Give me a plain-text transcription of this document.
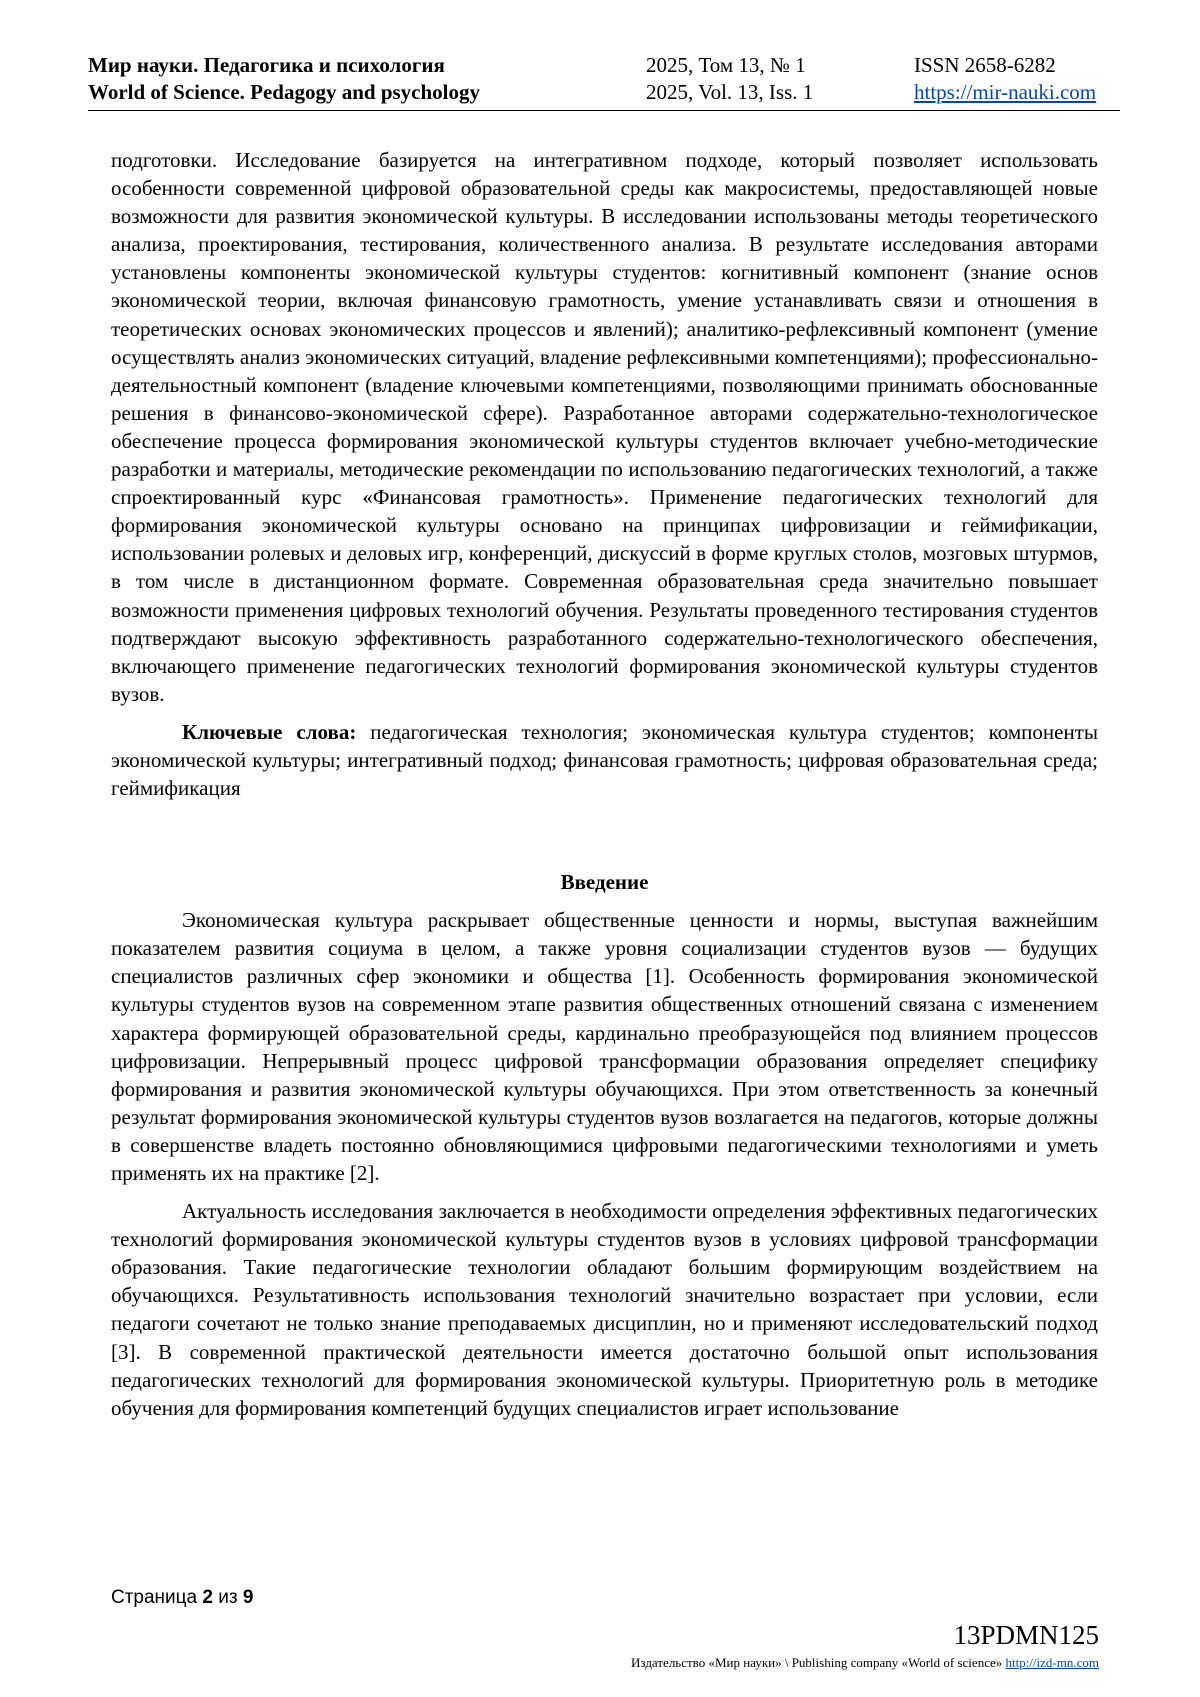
Мир науки. Педагогика и психология
World of Science. Pedagogy and psychology
2025, Том 13, № 1
2025, Vol. 13, Iss. 1
ISSN 2658-6282
https://mir-nauki.com

подготовки. Исследование базируется на интегративном подходе, который позволяет использовать особенности современной цифровой образовательной среды как макросистемы, предоставляющей новые возможности для развития экономической культуры. В исследовании использованы методы теоретического анализа, проектирования, тестирования, количественного анализа. В результате исследования авторами установлены компоненты экономической культуры студентов: когнитивный компонент (знание основ экономической теории, включая финансовую грамотность, умение устанавливать связи и отношения в теоретических основах экономических процессов и явлений); аналитико-рефлексивный компонент (умение осуществлять анализ экономических ситуаций, владение рефлексивными компетенциями); профессионально-деятельностный компонент (владение ключевыми компетенциями, позволяющими принимать обоснованные решения в финансово-экономической сфере). Разработанное авторами содержательно-технологическое обеспечение процесса формирования экономической культуры студентов включает учебно-методические разработки и материалы, методические рекомендации по использованию педагогических технологий, а также спроектированный курс «Финансовая грамотность». Применение педагогических технологий для формирования экономической культуры основано на принципах цифровизации и геймификации, использовании ролевых и деловых игр, конференций, дискуссий в форме круглых столов, мозговых штурмов, в том числе в дистанционном формате. Современная образовательная среда значительно повышает возможности применения цифровых технологий обучения. Результаты проведенного тестирования студентов подтверждают высокую эффективность разработанного содержательно-технологического обеспечения, включающего применение педагогических технологий формирования экономической культуры студентов вузов.

Ключевые слова: педагогическая технология; экономическая культура студентов; компоненты экономической культуры; интегративный подход; финансовая грамотность; цифровая образовательная среда; геймификация

Введение

Экономическая культура раскрывает общественные ценности и нормы, выступая важнейшим показателем развития социума в целом, а также уровня социализации студентов вузов — будущих специалистов различных сфер экономики и общества [1]. Особенность формирования экономической культуры студентов вузов на современном этапе развития общественных отношений связана с изменением характера формирующей образовательной среды, кардинально преобразующейся под влиянием процессов цифровизации. Непрерывный процесс цифровой трансформации образования определяет специфику формирования и развития экономической культуры обучающихся. При этом ответственность за конечный результат формирования экономической культуры студентов вузов возлагается на педагогов, которые должны в совершенстве владеть постоянно обновляющимися цифровыми педагогическими технологиями и уметь применять их на практике [2].

Актуальность исследования заключается в необходимости определения эффективных педагогических технологий формирования экономической культуры студентов вузов в условиях цифровой трансформации образования. Такие педагогические технологии обладают большим формирующим воздействием на обучающихся. Результативность использования технологий значительно возрастает при условии, если педагоги сочетают не только знание преподаваемых дисциплин, но и применяют исследовательский подход [3]. В современной практической деятельности имеется достаточно большой опыт использования педагогических технологий для формирования экономической культуры. Приоритетную роль в методике обучения для формирования компетенций будущих специалистов играет использование

Страница 2 из 9
13PDMN125
Издательство «Мир науки» \ Publishing company «World of science» http://izd-mn.com
